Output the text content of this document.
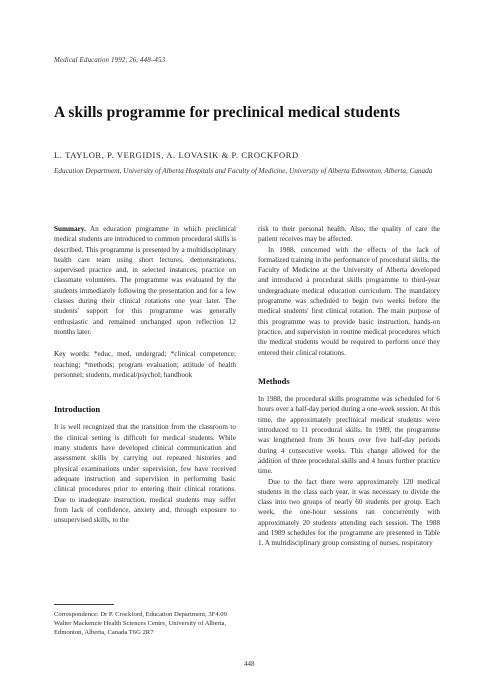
Medical Education 1992, 26, 448–453
A skills programme for preclinical medical students
L. TAYLOR, P. VERGIDIS, A. LOVASIK & P. CROCKFORD
Education Department, University of Alberta Hospitals and Faculty of Medicine, University of Alberta Edmonton, Alberta, Canada

Summary. An education programme in which preclinical medical students are introduced to common procedural skills is described. This programme is presented by a multidisciplinary health care team using short lectures, demonstrations, supervised practice and, in selected instances, practice on classmate volunteers. The programme was evaluated by the students immediately following the presentation and for a few classes during their clinical rotations one year later. The students' support for this programme was generally enthusiastic and remained unchanged upon reflection 12 months later.

Key words: *educ, med, undergrad; *clinical competence; teaching; *methods; program evaluation; attitude of health personnel; students, medical/psychol; handbook

Introduction

It is well recognized that the transition from the classroom to the clinical setting is difficult for medical students. While many students have developed clinical communication and assessment skills by carrying out repeated histories and physical examinations under supervision, few have received adequate instruction and supervision in performing basic clinical procedures prior to entering their clinical rotations. Due to inadequate instruction, medical students may suffer from lack of confidence, anxiety and, through exposure to unsupervised skills, to the

risk to their personal health. Also, the quality of care the patient receives may be affected.

In 1988, concerned with the effects of the lack of formalized training in the performance of procedural skills, the Faculty of Medicine at the University of Alberta developed and introduced a procedural skills programme to third-year undergraduate medical education curriculum. The mandatory programme was scheduled to begin two weeks before the medical students' first clinical rotation. The main purpose of this programme was to provide basic instruction, hands-on practice, and supervision in routine medical procedures which the medical students would be required to perform once they entered their clinical rotations.

Methods

In 1988, the procedural skills programme was scheduled for 6 hours over a half-day period during a one-week session. At this time, the approximately preclinical medical students were introduced to 11 procedural skills. In 1989, the programme was lengthened from 36 hours over five half-day periods during 4 consecutive weeks. This change allowed for the addition of three procedural skills and 4 hours further practice time.

Due to the fact there were approximately 120 medical students in the class each year, it was necessary to divide the class into two groups of nearly 60 students per group. Each week, the one-hour sessions ran concurrently with approximately 20 students attending each session. The 1988 and 1989 schedules for the programme are presented in Table 1. A multidisciplinary group consisting of nurses, respiratory

Correspondence: Dr P. Crockford, Education Department, 3F4.09 Walter Mackenzie Health Sciences Centre, University of Alberta, Edmonton, Alberta, Canada T6G 2R7
448
